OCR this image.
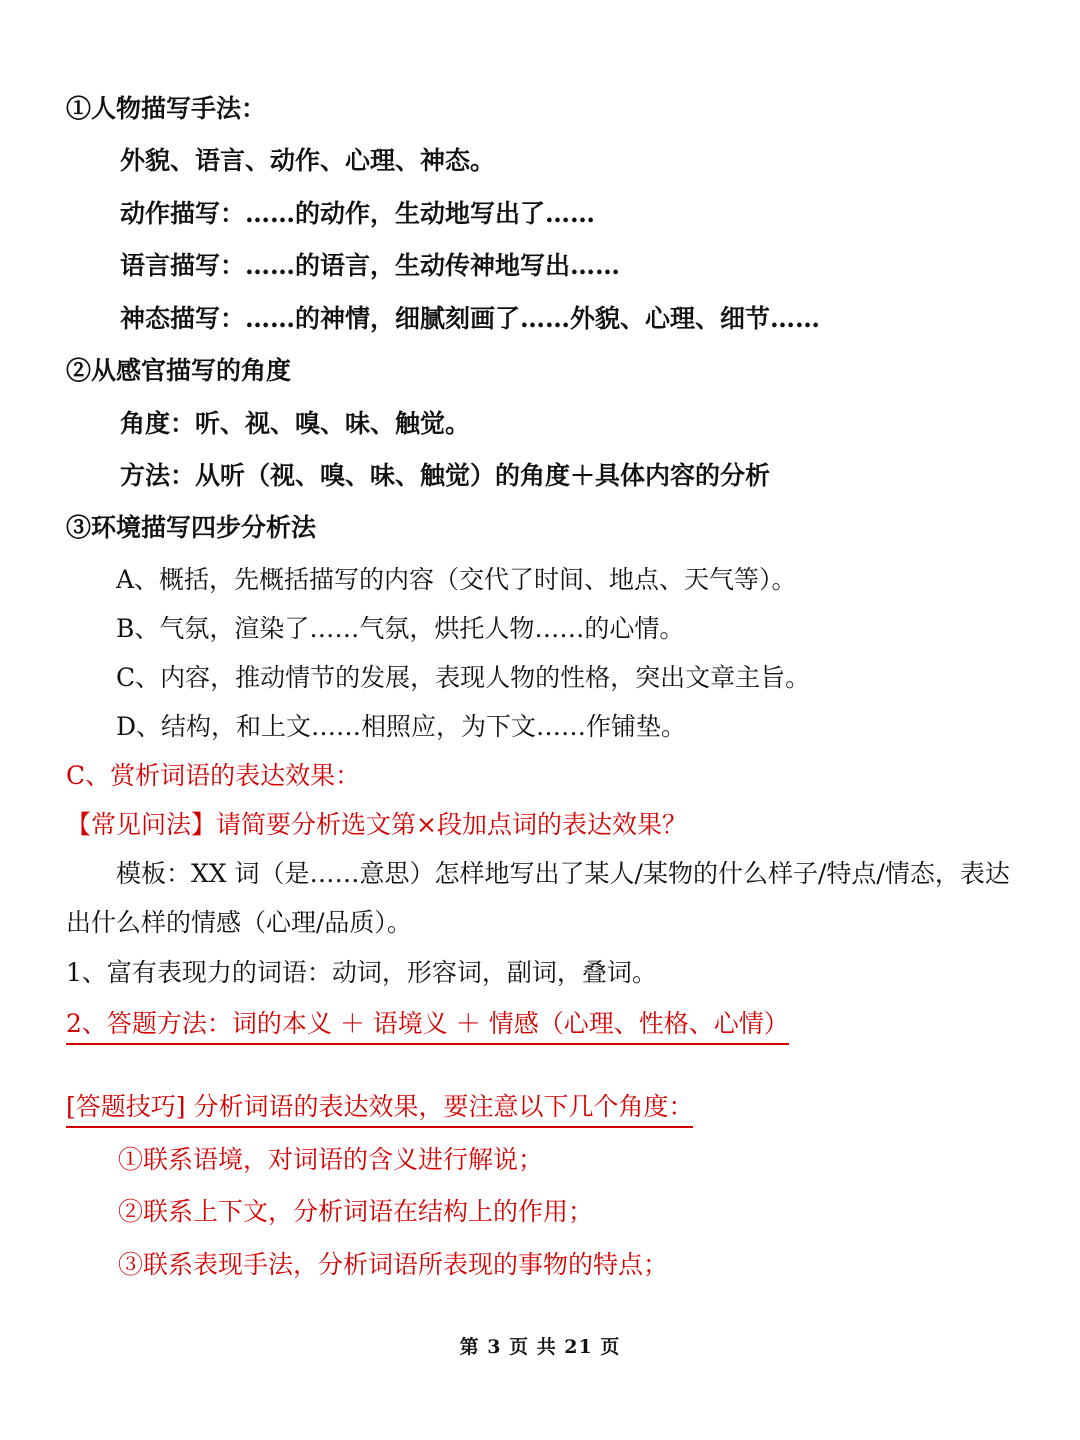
①人物描写手法：
外貌、语言、动作、心理、神态。
动作描写：……的动作，生动地写出了……
语言描写：……的语言，生动传神地写出……
神态描写：……的神情，细腻刻画了……外貌、心理、细节……
②从感官描写的角度
角度：听、视、嗅、味、触觉。
方法：从听（视、嗅、味、触觉）的角度＋具体内容的分析
③环境描写四步分析法
A、概括，先概括描写的内容（交代了时间、地点、天气等）。
B、气氛，渲染了……气氛，烘托人物……的心情。
C、内容，推动情节的发展，表现人物的性格，突出文章主旨。
D、结构，和上文……相照应，为下文……作铺垫。
C、赏析词语的表达效果：
【常见问法】请简要分析选文第×段加点词的表达效果？
模板：XX 词（是……意思）怎样地写出了某人/某物的什么样子/特点/情态，表达
出什么样的情感（心理/品质）。
1、富有表现力的词语：动词，形容词，副词，叠词。
2、答题方法：词的本义 ＋ 语境义 ＋ 情感（心理、性格、心情）
[答题技巧] 分析词语的表达效果，要注意以下几个角度：
①联系语境，对词语的含义进行解说；
②联系上下文，分析词语在结构上的作用；
③联系表现手法，分析词语所表现的事物的特点；
第 3 页 共 21 页
